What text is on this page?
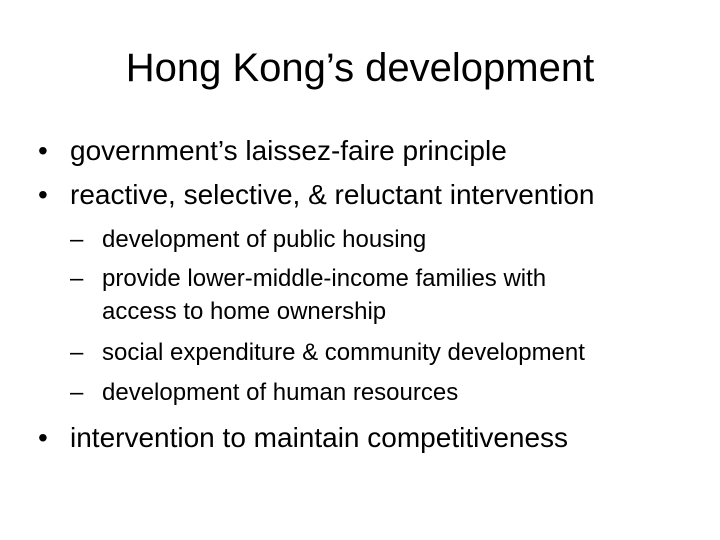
Hong Kong’s development
• government’s laissez-faire principle
• reactive, selective, & reluctant intervention
– development of public housing
– provide lower-middle-income families with
access to home ownership
– social expenditure & community development
– development of human resources
• intervention to maintain competitiveness
